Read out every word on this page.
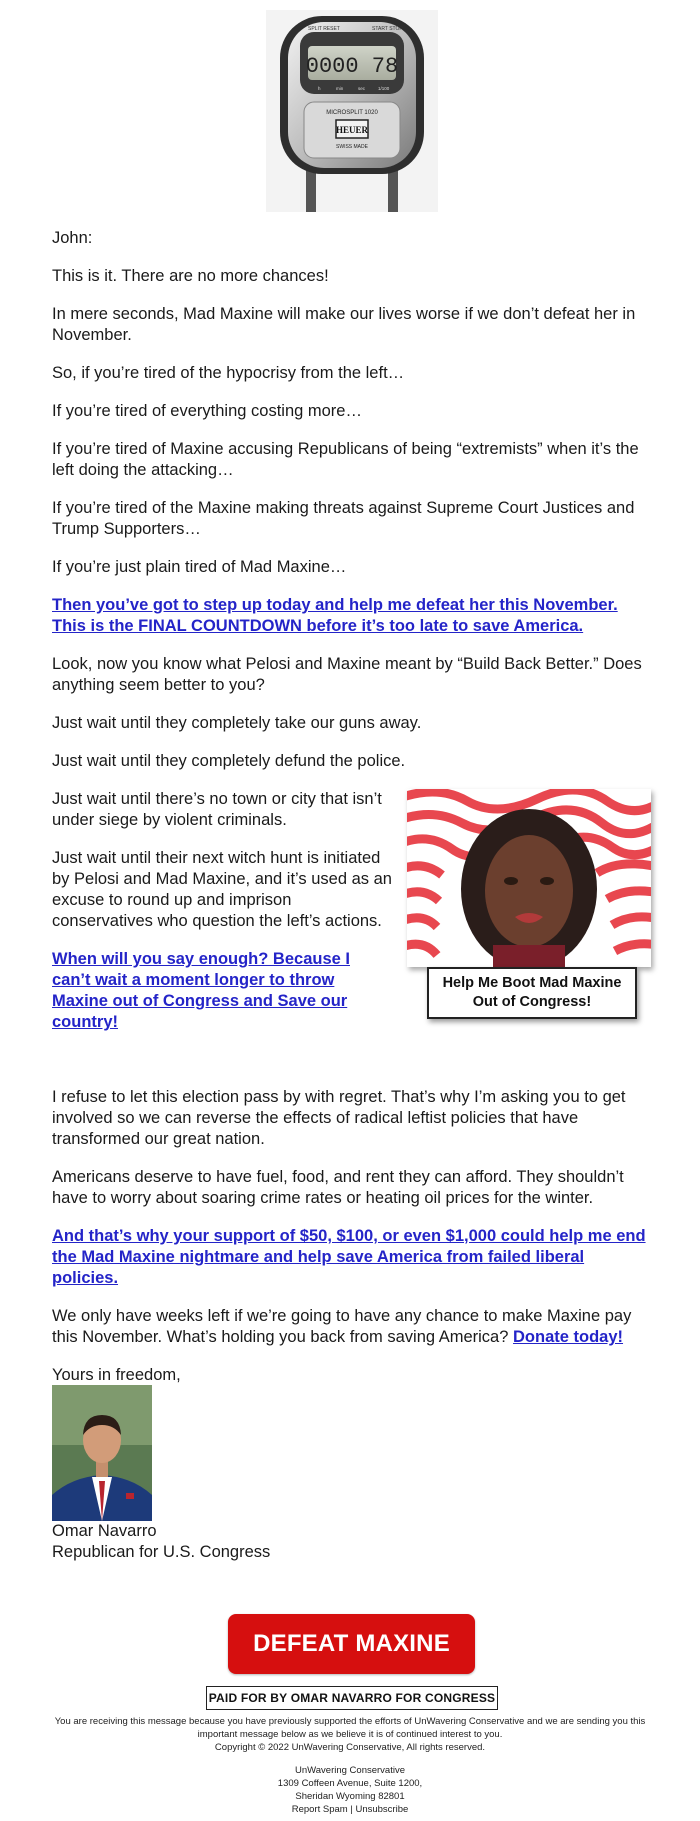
SPLIT RESET	START STOP
0000 78
h	min	sec	1/100
MICROSPLIT 1020
HEUER
SWISS MADE

John:

This is it. There are no more chances!

In mere seconds, Mad Maxine will make our lives worse if we don’t defeat her in November.

So, if you’re tired of the hypocrisy from the left…

If you’re tired of everything costing more…

If you’re tired of Maxine accusing Republicans of being “extremists” when it’s the left doing the attacking…

If you’re tired of the Maxine making threats against Supreme Court Justices and Trump Supporters…

If you’re just plain tired of Mad Maxine…

Then you’ve got to step up today and help me defeat her this November. This is the FINAL COUNTDOWN before it’s too late to save America.

Look, now you know what Pelosi and Maxine meant by “Build Back Better.” Does anything seem better to you?

Just wait until they completely take our guns away.

Just wait until they completely defund the police.

Just wait until there’s no town or city that isn’t under siege by violent criminals.

Just wait until their next witch hunt is initiated by Pelosi and Mad Maxine, and it’s used as an excuse to round up and imprison conservatives who question the left’s actions.

When will you say enough? Because I can’t wait a moment longer to throw Maxine out of Congress and Save our country!

Help Me Boot Mad Maxine Out of Congress!

I refuse to let this election pass by with regret. That’s why I’m asking you to get involved so we can reverse the effects of radical leftist policies that have transformed our great nation.

Americans deserve to have fuel, food, and rent they can afford. They shouldn’t have to worry about soaring crime rates or heating oil prices for the winter.

And that’s why your support of $50, $100, or even $1,000 could help me end the Mad Maxine nightmare and help save America from failed liberal policies.

We only have weeks left if we’re going to have any chance to make Maxine pay this November. What’s holding you back from saving America? Donate today!

Yours in freedom,
Omar Navarro
Republican for U.S. Congress
DEFEAT MAXINE
PAID FOR BY OMAR NAVARRO FOR CONGRESS
You are receiving this message because you have previously supported the efforts of UnWavering Conservative and we are sending you this important message below as we believe it is of continued interest to you.
Copyright © 2022 UnWavering Conservative, All rights reserved.
UnWavering Conservative
1309 Coffeen Avenue, Suite 1200,
Sheridan Wyoming 82801
Report Spam | Unsubscribe
